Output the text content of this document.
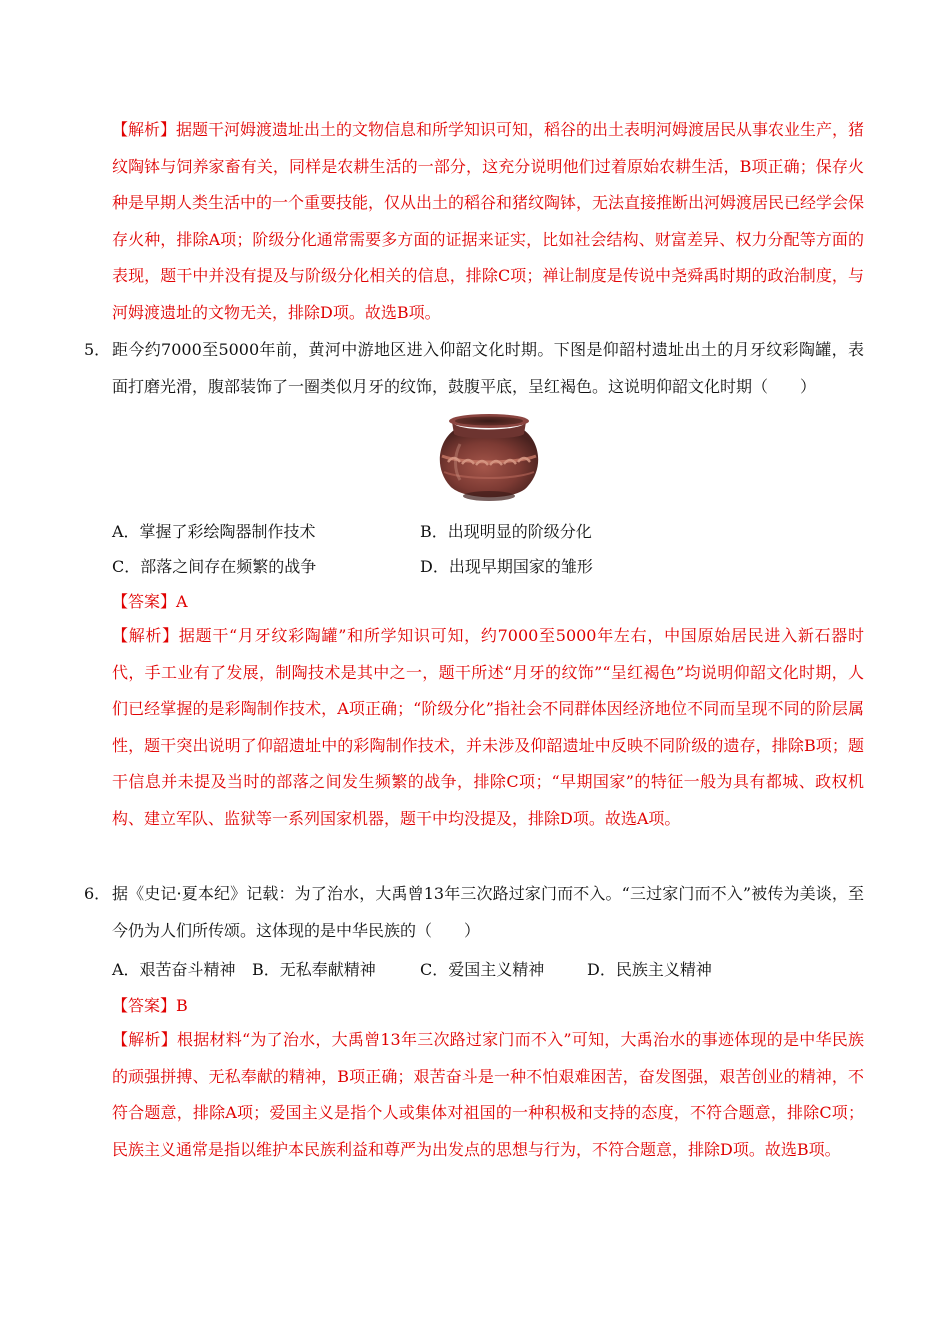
【解析】据题干河姆渡遗址出土的文物信息和所学知识可知，稻谷的出土表明河姆渡居民从事农业生产，猪纹陶钵与饲养家畜有关，同样是农耕生活的一部分，这充分说明他们过着原始农耕生活，B项正确；保存火种是早期人类生活中的一个重要技能，仅从出土的稻谷和猪纹陶钵，无法直接推断出河姆渡居民已经学会保存火种，排除A项；阶级分化通常需要多方面的证据来证实，比如社会结构、财富差异、权力分配等方面的表现，题干中并没有提及与阶级分化相关的信息，排除C项；禅让制度是传说中尧舜禹时期的政治制度，与河姆渡遗址的文物无关，排除D项。故选B项。
5． 距今约7000至5000年前，黄河中游地区进入仰韶文化时期。下图是仰韶村遗址出土的月牙纹彩陶罐，表面打磨光滑，腹部装饰了一圈类似月牙的纹饰，鼓腹平底，呈红褐色。这说明仰韶文化时期（　　）
A．掌握了彩绘陶器制作技术	B．出现明显的阶级分化
C．部落之间存在频繁的战争	D．出现早期国家的雏形
【答案】A
【解析】据题干“月牙纹彩陶罐”和所学知识可知，约7000至5000年左右，中国原始居民进入新石器时代，手工业有了发展，制陶技术是其中之一，题干所述“月牙的纹饰”“呈红褐色”均说明仰韶文化时期，人们已经掌握的是彩陶制作技术，A项正确；“阶级分化”指社会不同群体因经济地位不同而呈现不同的阶层属性，题干突出说明了仰韶遗址中的彩陶制作技术，并未涉及仰韶遗址中反映不同阶级的遗存，排除B项；题干信息并未提及当时的部落之间发生频繁的战争，排除C项；“早期国家”的特征一般为具有都城、政权机构、建立军队、监狱等一系列国家机器，题干中均没提及，排除D项。故选A项。
6． 据《史记·夏本纪》记载：为了治水，大禹曾13年三次路过家门而不入。“三过家门而不入”被传为美谈，至今仍为人们所传颂。这体现的是中华民族的（　　）
A．艰苦奋斗精神 B．无私奉献精神	C．爱国主义精神	D．民族主义精神
【答案】B
【解析】根据材料“为了治水，大禹曾13年三次路过家门而不入”可知，大禹治水的事迹体现的是中华民族的顽强拼搏、无私奉献的精神，B项正确；艰苦奋斗是一种不怕艰难困苦，奋发图强，艰苦创业的精神，不符合题意，排除A项；爱国主义是指个人或集体对祖国的一种积极和支持的态度，不符合题意，排除C项；民族主义通常是指以维护本民族利益和尊严为出发点的思想与行为，不符合题意，排除D项。故选B项。
